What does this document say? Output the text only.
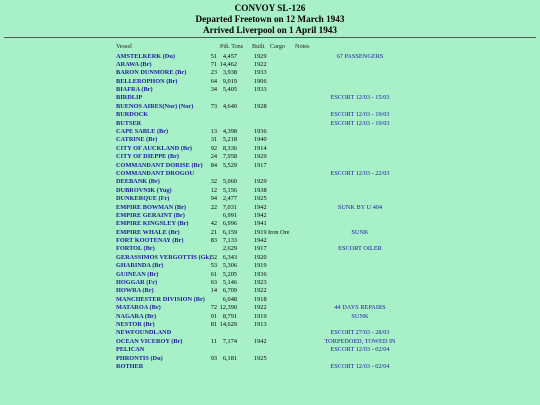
CONVOY SL-126
Departed Freetown on 12 March 1943
Arrived Liverpool on 1 April 1943
Vessel	Pdt. Tons Built Cargo Notes
AMSTELKERK (Du)	51 4,457	1929	67 PASSENGERS
ARAWA (Br)	71 14,462	1922
BARON DUNMORE (Br)	23 3,938	1933
BELLEROPHON (Br)	64 9,019	1906
BIAFRA (Br)	34 5,405	1933
BIRDLIP	ESCORT 12/03 - 15/03
BUENOS AIRES(Nor) (Nor)	73 4,640	1928
BURDOCK	ESCORT 12/03 - 19/03
BUTSER	ESCORT 12/03 - 19/03
CAPE SABLE (Br)	13 4,398	1936
CATRINE (Br)	31 5,218	1940
CITY OF AUCKLAND (Br)	92 8,336	1914
CITY OF DIEPPE (Br)	24 7,958	1929
COMMANDANT DORISE (Br)	84 5,529	1917
COMMANDANT DROGOU	ESCORT 12/03 - 22/03
DEEBANK (Br)	32 5,060	1929
DUBROVNIK (Yug)	12 5,156	1938
DUNKERQUE (Fr)	94 2,477	1925
EMPIRE BOWMAN (Br)	22 7,031	1942	SUNK BY U 404
EMPIRE GERAINT (Br)	6,991	1942
EMPIRE KINGSLEY (Br)	42 6,996	1941
EMPIRE WHALE (Br)	21 6,159	1919 Iron Ore	SUNK
FORT KOOTENAY (Br)	83 7,133	1942
FORTOL (Br)	2,629	1917	ESCORT OILER
GERASSIMOS VERGOTTIS (Gk) 52 6,343	1920
GHARINDA (Br)	53 5,306	1919
GUINEAN (Br)	61 5,205	1936
HOGGAR (Fr)	63 5,146	1923
HOWRA (Br)	14 6,709	1922
MANCHESTER DIVISION (Br)	6,048	1918
MATAROA (Br)	72 12,390	1922	44 DAYS REPAIRS
NAGARA (Br)	91 8,791	1919	SUNK
NESTOR (Br)	81 14,629	1913
NEWFOUNDLAND	ESCORT 27/03 - 28/03
OCEAN VICEROY (Br)	11 7,174	1942	TORPEDOED, TOWED IN
PELICAN	ESCORT 12/03 - 02/04
PHRONTIS (Du)	93 6,181	1925
ROTHER	ESCORT 12/03 - 02/04
